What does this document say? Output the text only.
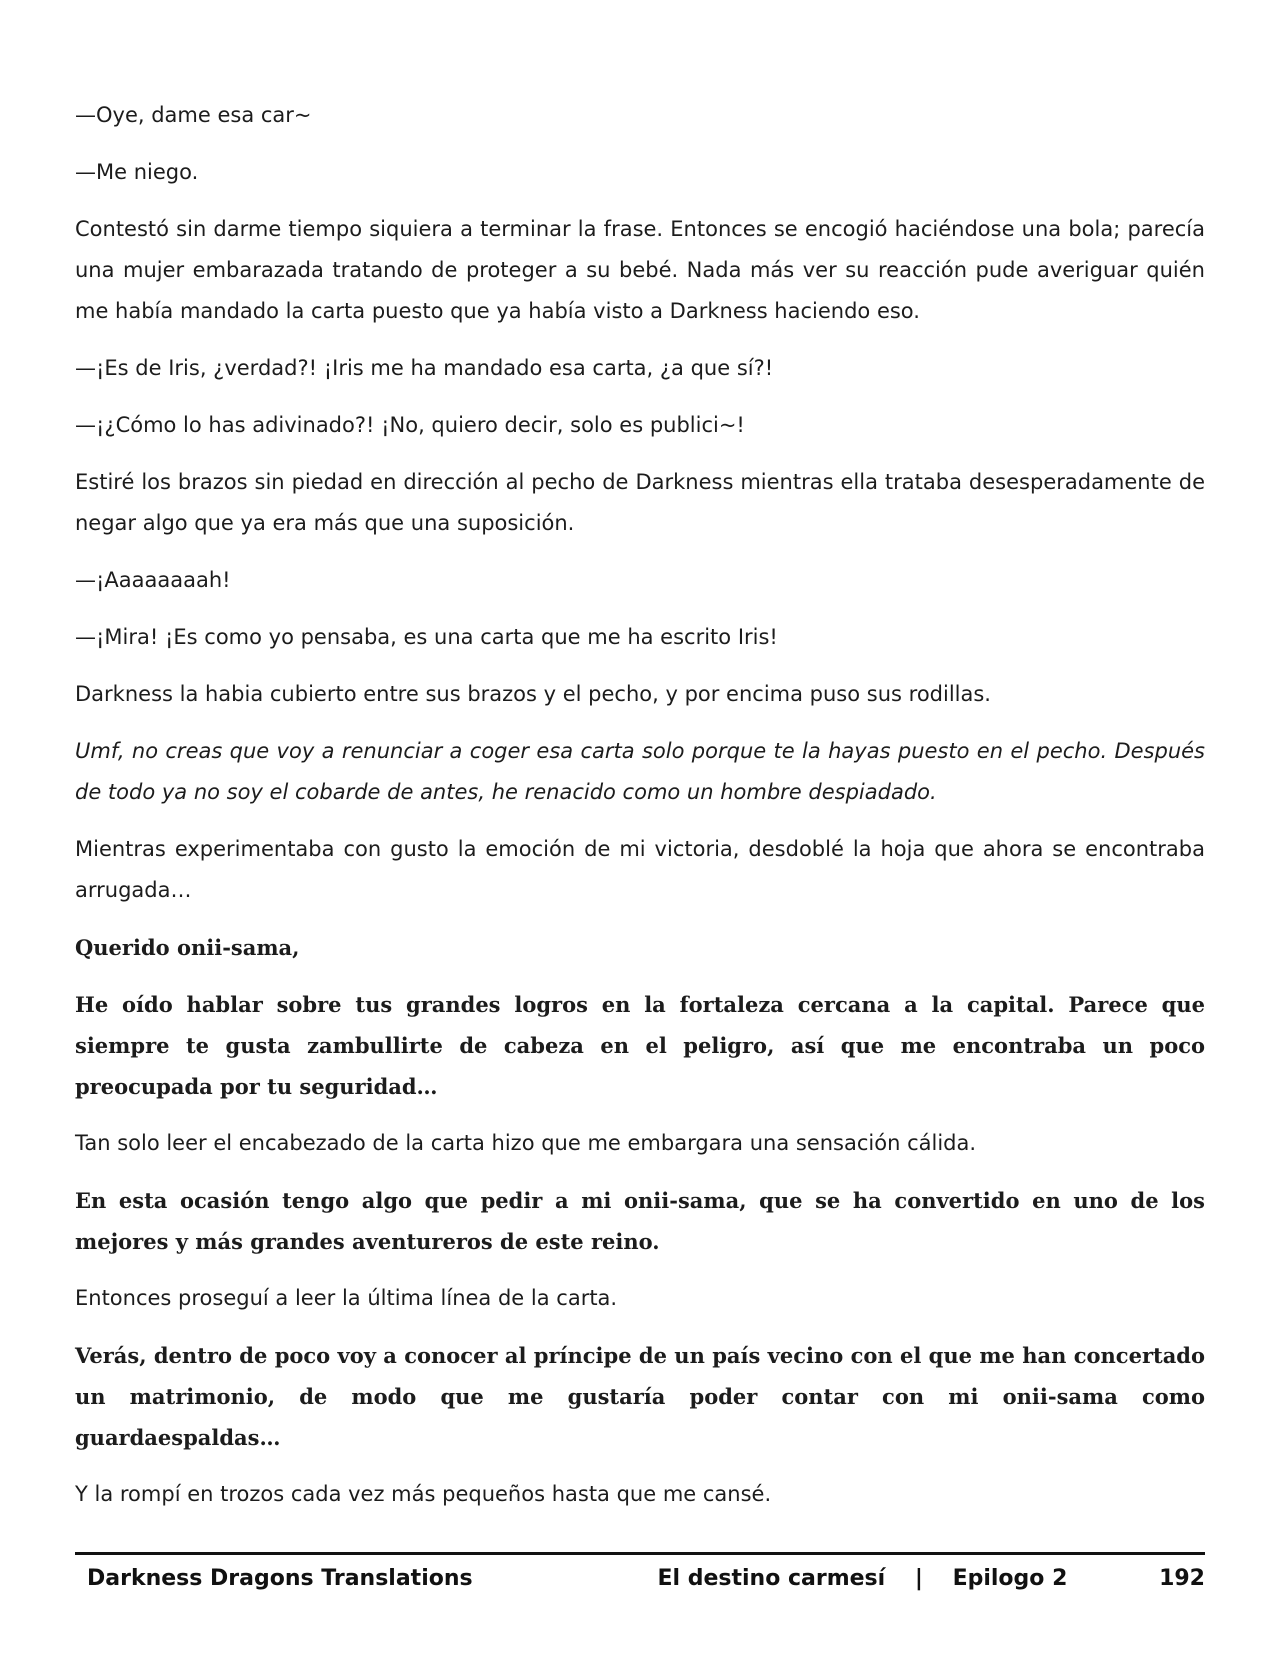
—Oye, dame esa car~

—Me niego.

Contestó sin darme tiempo siquiera a terminar la frase. Entonces se encogió haciéndose una bola; parecía una mujer embarazada tratando de proteger a su bebé. Nada más ver su reacción pude averiguar quién me había mandado la carta puesto que ya había visto a Darkness haciendo eso.

—¡Es de Iris, ¿verdad?! ¡Iris me ha mandado esa carta, ¿a que sí?!

—¡¿Cómo lo has adivinado?! ¡No, quiero decir, solo es publici~!

Estiré los brazos sin piedad en dirección al pecho de Darkness mientras ella trataba desesperadamente de negar algo que ya era más que una suposición.

—¡Aaaaaaaah!

—¡Mira! ¡Es como yo pensaba, es una carta que me ha escrito Iris!

Darkness la habia cubierto entre sus brazos y el pecho, y por encima puso sus rodillas.

Umf, no creas que voy a renunciar a coger esa carta solo porque te la hayas puesto en el pecho. Después de todo ya no soy el cobarde de antes, he renacido como un hombre despiadado.

Mientras experimentaba con gusto la emoción de mi victoria, desdoblé la hoja que ahora se encontraba arrugada…

Querido onii-sama,

He oído hablar sobre tus grandes logros en la fortaleza cercana a la capital. Parece que siempre te gusta zambullirte de cabeza en el peligro, así que me encontraba un poco preocupada por tu seguridad…

Tan solo leer el encabezado de la carta hizo que me embargara una sensación cálida.

En esta ocasión tengo algo que pedir a mi onii-sama, que se ha convertido en uno de los mejores y más grandes aventureros de este reino.

Entonces proseguí a leer la última línea de la carta.

Verás, dentro de poco voy a conocer al príncipe de un país vecino con el que me han concertado un matrimonio, de modo que me gustaría poder contar con mi onii-sama como guardaespaldas…

Y la rompí en trozos cada vez más pequeños hasta que me cansé.

Darkness Dragons Translations	El destino carmesí | Epilogo 2	192
